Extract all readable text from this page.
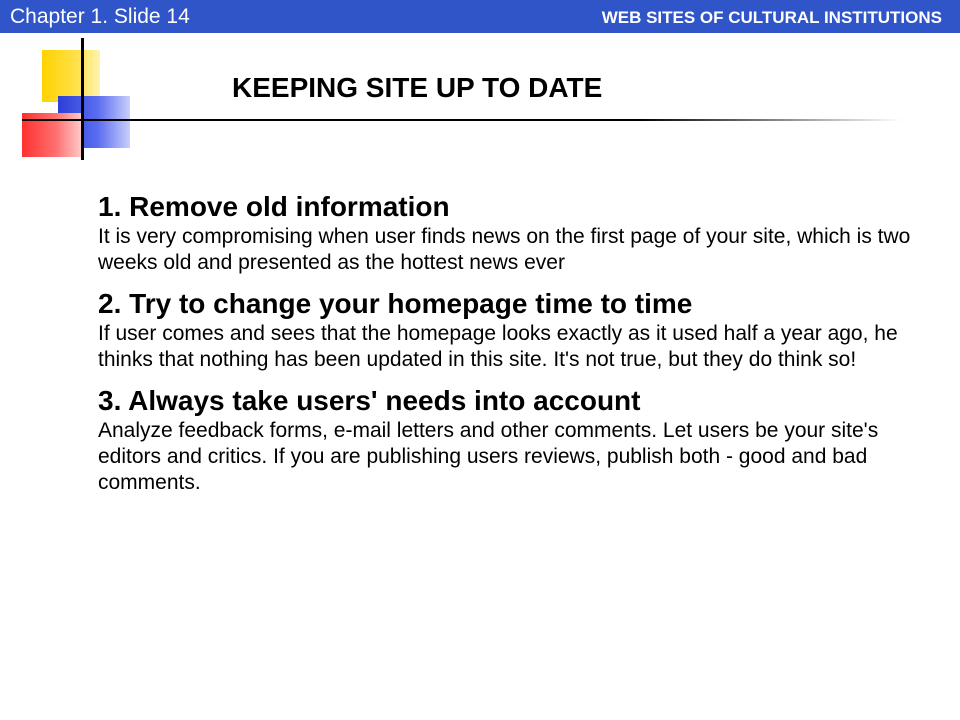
Chapter 1. Slide 14	WEB SITES OF CULTURAL INSTITUTIONS
KEEPING SITE UP TO DATE
1. Remove old information
It is very compromising when user finds news on the first page of your site, which is two weeks old and presented as the hottest news ever
2. Try to change your homepage time to time
If user comes and sees that the homepage looks exactly as it used half a year ago, he thinks that nothing has been updated in this site. It's not true, but they do think so!
3. Always take users' needs into account
Analyze feedback forms, e-mail letters and other comments. Let users be your site's editors and critics. If you are publishing users reviews, publish both - good and bad comments.
